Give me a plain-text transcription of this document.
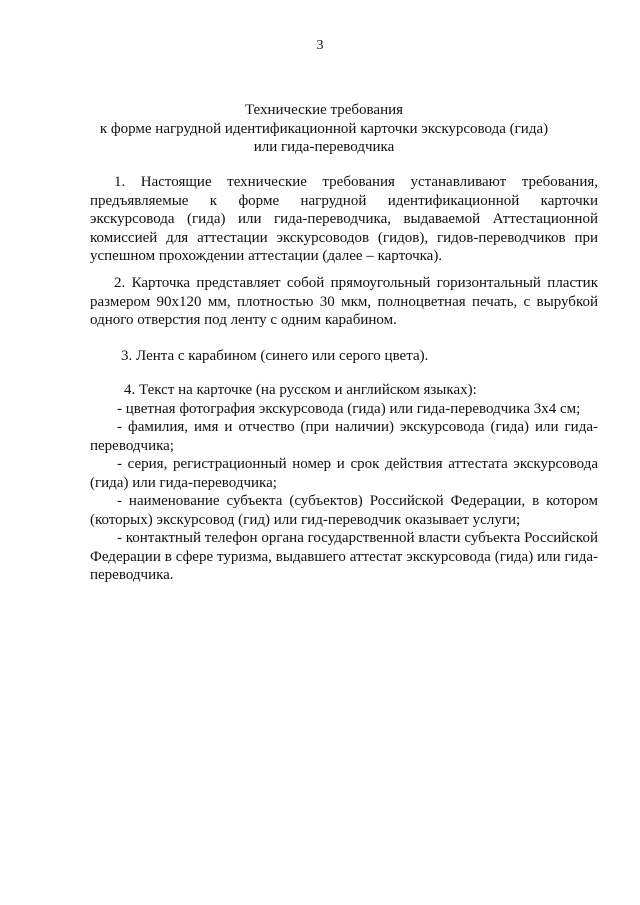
3
Технические требования
к форме нагрудной идентификационной карточки экскурсовода (гида)
или гида-переводчика

1. Настоящие технические требования устанавливают требования, предъявляемые к форме нагрудной идентификационной карточки экскурсовода (гида) или гида-переводчика, выдаваемой Аттестационной комиссией для аттестации экскурсоводов (гидов), гидов-переводчиков при успешном прохождении аттестации (далее – карточка).

2. Карточка представляет собой прямоугольный горизонтальный пластик размером 90х120 мм, плотностью 30 мкм, полноцветная печать, с вырубкой одного отверстия под ленту с одним карабином.

3. Лента с карабином (синего или серого цвета).

4. Текст на карточке (на русском и английском языках):
- цветная фотография экскурсовода (гида) или гида-переводчика 3х4 см;
- фамилия, имя и отчество (при наличии) экскурсовода (гида) или гида-переводчика;
- серия, регистрационный номер и срок действия аттестата экскурсовода (гида) или гида-переводчика;
- наименование субъекта (субъектов) Российской Федерации, в котором (которых) экскурсовод (гид) или гид-переводчик оказывает услуги;
- контактный телефон органа государственной власти субъекта Российской Федерации в сфере туризма, выдавшего аттестат экскурсовода (гида) или гида-переводчика.
